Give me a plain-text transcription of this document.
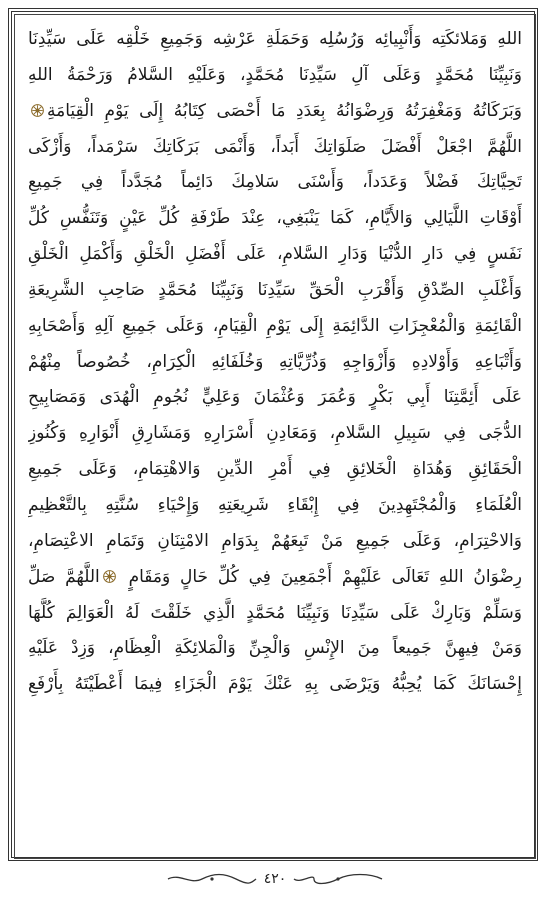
اللهِ وَمَلائكَتِه وَأَنْبِيائِه وَرُسُلِه وَحَمَلَةِ عَرْشِه وَجَمِيعِ خَلْقِه عَلَى سَيِّدِنَا
وَنَبِيِّنَا مُحَمَّدٍ وَعَلَى آلِ سَيِّدِنَا مُحَمَّدٍ، وَعَلَيْهِ السَّلامُ وَرَحْمَةُ اللهِ
وَبَرَكَاتُهُ وَمَغْفِرَتُهُ وَرِضْوَانُهُ بِعَدَدِ مَا أَحْصَى كِتَابُهُ إِلَى يَوْمِ الْقِيَامَةِ
اللَّهُمَّ اجْعَلْ أَفْضَلَ صَلَوَاتِكَ أَبَداً، وَأَنْمَى بَرَكَاتِكَ سَرْمَداً، وَأَزْكَى
تَحِيَّاتِكَ فَضْلاً وَعَدَداً، وَأَسْنَى سَلامِكَ دَائِماً مُجَدَّداً فِي جَمِيعِ
أَوْقَاتِ اللَّيَالِي وَالأَيَّامِ، كَمَا يَنْبَغِي، عِنْدَ طَرْفَةِ كُلِّ عَيْنٍ وَتَنَفُّسِ كُلِّ
نَفَسٍ فِي دَارِ الدُّنْيَا وَدَارِ السَّلامِ، عَلَى أَفْضَلِ الْخَلْقِ وَأَكْمَلِ الْخَلْقِ
وَأَغْلَبِ الصِّدْقِ وَأَقْرَبِ الْحَقِّ سَيِّدِنَا وَنَبِيِّنَا مُحَمَّدٍ صَاحِبِ الشَّرِيعَةِ
الْقَائِمَةِ وَالْمُعْجِزَاتِ الدَّائِمَةِ إِلَى يَوْمِ الْقِيَامِ، وَعَلَى جَمِيعِ آلِهِ وَأَصْحَابِهِ
وَأَتْبَاعِهِ وَأَوْلادِهِ وَأَزْوَاجِهِ وَذُرِّيَّاتِهِ وَخُلَفَائِهِ الْكِرَامِ، خُصُوصاً مِنْهُمْ
عَلَى أَئِمَّتِنَا أَبِي بَكْرٍ وَعُمَرَ وَعُثْمَانَ وَعَلِيٍّ نُجُومِ الْهُدَى وَمَصَابِيحِ
الدُّجَى فِي سَبِيلِ السَّلامِ، وَمَعَادِنِ أَسْرَارِهِ وَمَشَارِقِ أَنْوَارِهِ وَكُنُوزِ
الْحَقَائِقِ وَهُدَاةِ الْخَلائِقِ فِي أَمْرِ الدِّينِ وَالاهْتِمَامِ، وَعَلَى جَمِيعِ
الْعُلَمَاءِ وَالْمُجْتَهِدِينَ فِي إِبْقَاءِ شَرِيعَتِهِ وَإِحْيَاءِ سُنَّتِهِ بِالتَّعْظِيمِ
وَالاحْتِرَامِ، وَعَلَى جَمِيعِ مَنْ تَبِعَهُمْ بِدَوَامِ الامْتِنَانِ وَتَمَامِ الاعْتِصَامِ،
رِضْوَانُ اللهِ تَعَالَى عَلَيْهِمْ أَجْمَعِينَ فِي كُلِّ حَالٍ وَمَقَامٍ اللَّهُمَّ صَلِّ
وَسَلِّمْ وَبَارِكْ عَلَى سَيِّدِنَا وَنَبِيِّنَا مُحَمَّدٍ الَّذِي خَلَقْتَ لَهُ الْعَوَالِمَ كُلَّهَا
وَمَنْ فِيهِنَّ جَمِيعاً مِنَ الإِنْسِ وَالْجِنِّ وَالْمَلائِكَةِ الْعِظَامِ، وَزِدْ عَلَيْهِ
إِحْسَانَكَ كَمَا يُحِبُّهُ وَيَرْضَى بِهِ عَنْكَ يَوْمَ الْجَزَاءِ فِيمَا أَعْطَيْتَهُ بِأَرْفَعِ
٤٢٠
